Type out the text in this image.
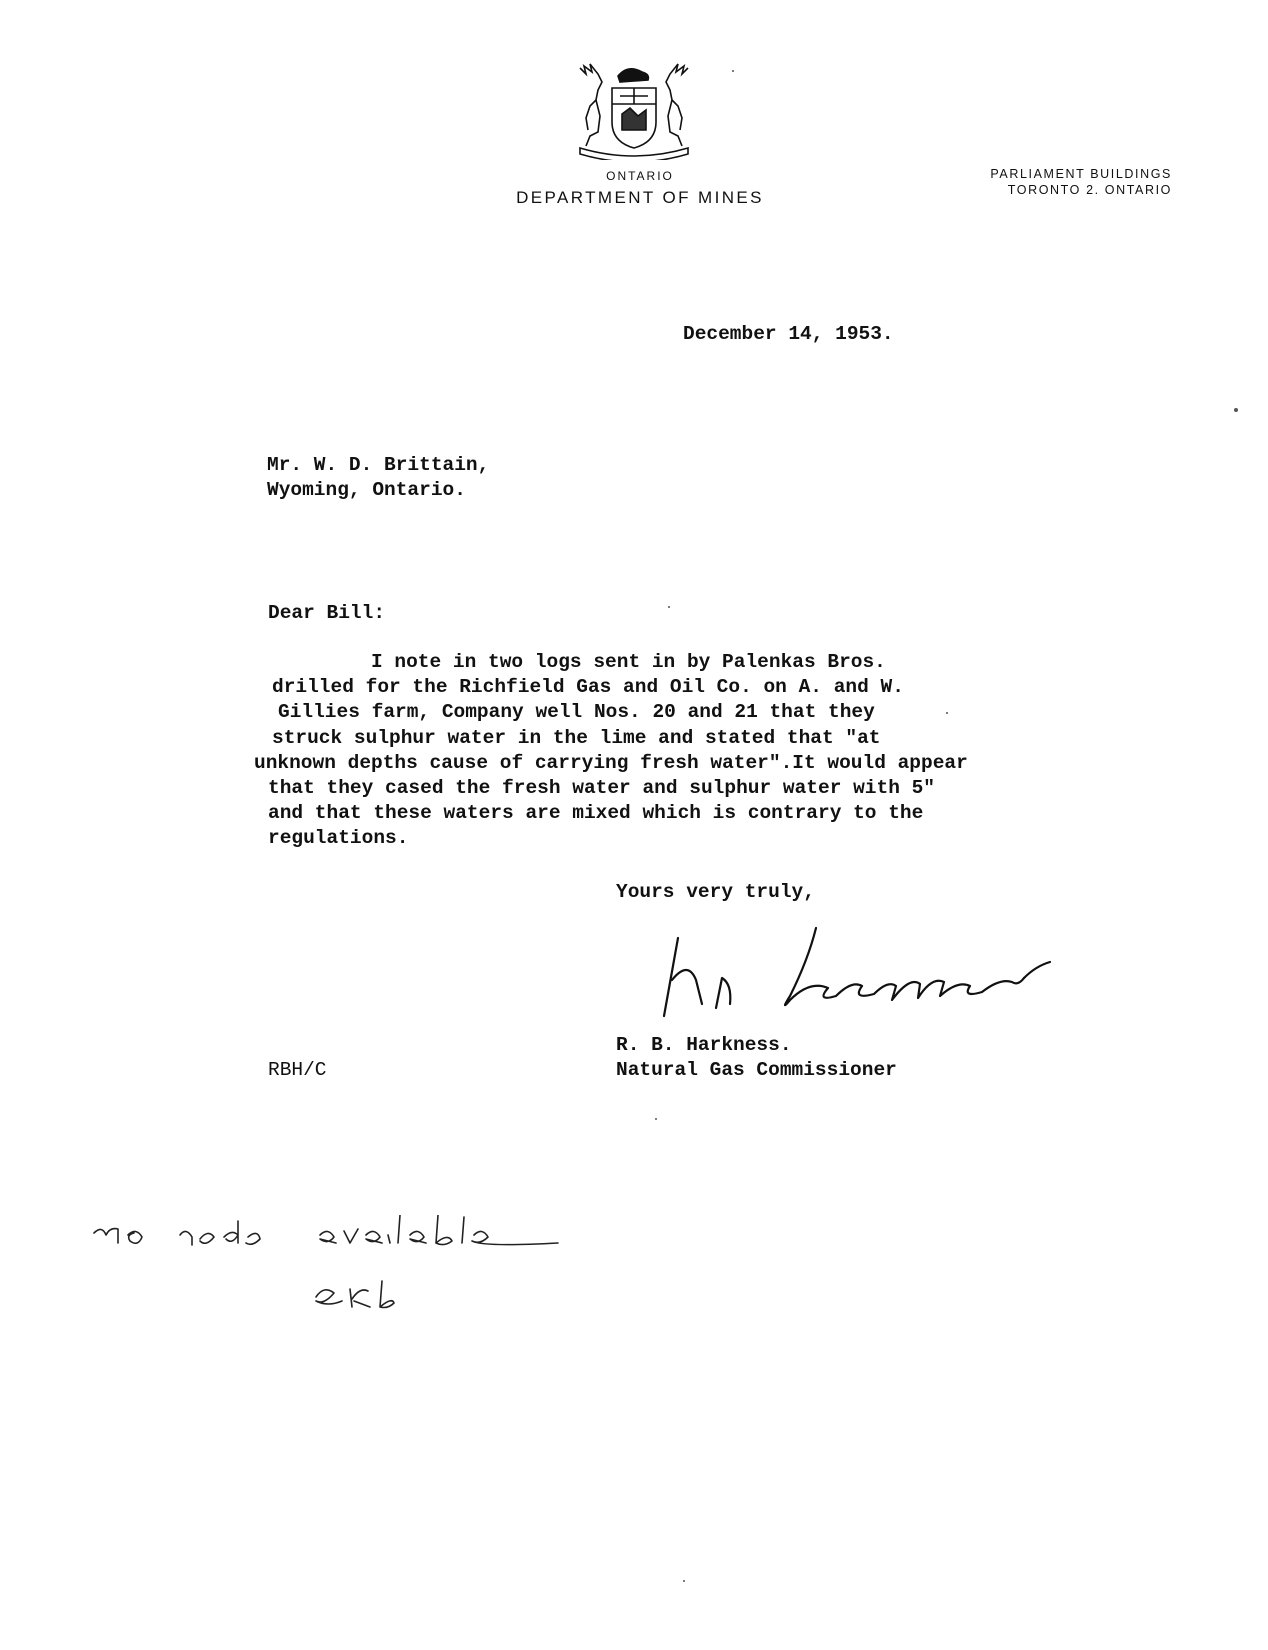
ONTARIO
DEPARTMENT OF MINES
PARLIAMENT BUILDINGS
TORONTO 2. ONTARIO
December 14, 1953.
Mr. W. D. Brittain,
Wyoming, Ontario.
Dear Bill:
I note in two logs sent in by Palenkas Bros.
drilled for the Richfield Gas and Oil Co. on A. and W.
Gillies farm, Company well Nos. 20 and 21 that they
struck sulphur water in the lime and stated that "at
unknown depths cause of carrying fresh water".It would appear
that they cased the fresh water and sulphur water with 5"
and that these waters are mixed which is contrary to the
regulations.
Yours very truly,
R. B. Harkness.
Natural Gas Commissioner
RBH/C
